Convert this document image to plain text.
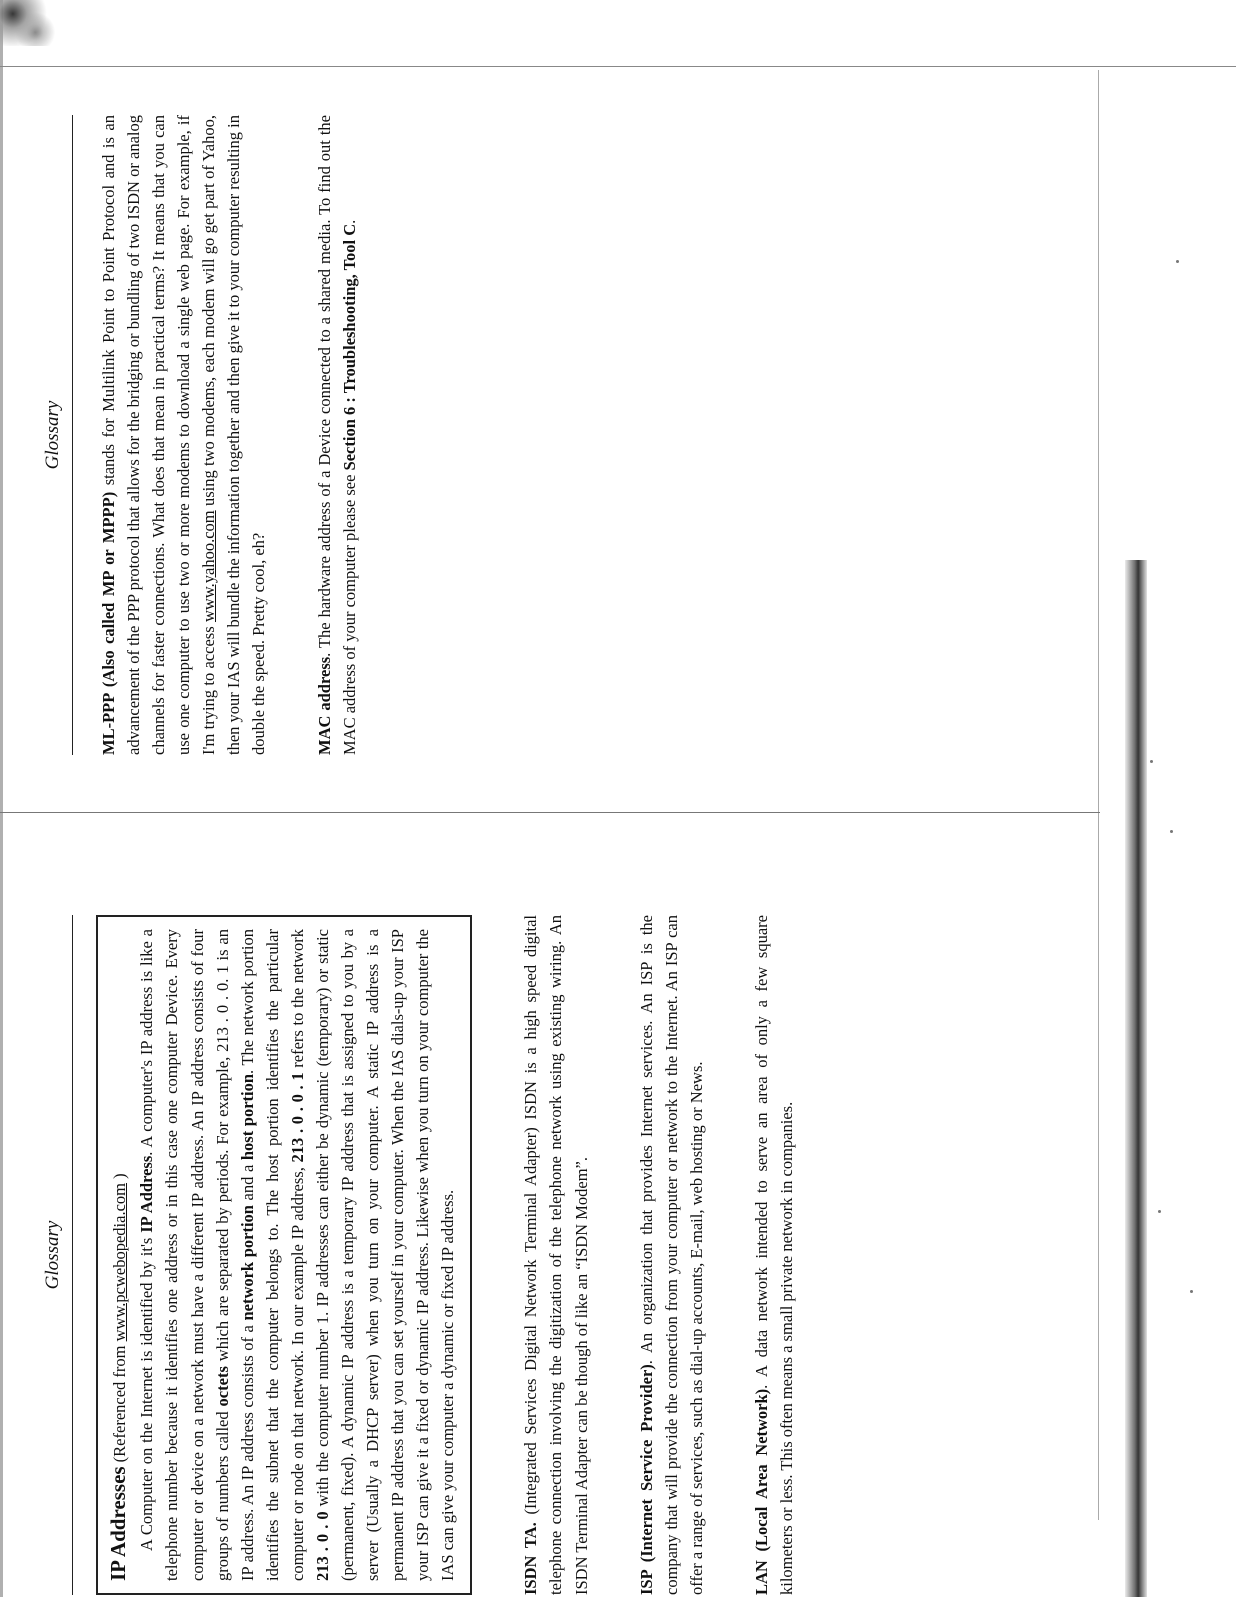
Glossary

ML-PPP (Also called MP or MPPP) stands for Multilink Point to Point Protocol and is an advancement of the PPP protocol that allows for the bridging or bundling of two ISDN or analog channels for faster connections. What does that mean in practical terms? It means that you can use one computer to use two or more modems to download a single web page. For example, if I'm trying to access www.yahoo.com using two modems, each modem will go get part of Yahoo, then your IAS will bundle the information together and then give it to your computer resulting in double the speed. Pretty cool, eh?	MAC address. The hardware address of a Device connected to a shared media. To find out the MAC address of your computer please see Section 6 : Troubleshooting, Tool C.

Glossary
IP Addresses (Referenced from www.pcwebopedia.com )

A Computer on the Internet is identified by it's IP Address. A computer's IP address is like a telephone number because it identifies one address or in this case one computer Device. Every computer or device on a network must have a different IP address. An IP address consists of four groups of numbers called octets which are separated by periods. For example, 213 . 0 . 0. 1 is an IP address. An IP address consists of a network portion and a host portion. The network portion identifies the subnet that the computer belongs to. The host portion identifies the particular computer or node on that network. In our example IP address, 213 . 0 . 0 . 1 refers to the network 213 . 0 . 0 with the computer number 1. IP addresses can either be dynamic (temporary) or static (permanent, fixed). A dynamic IP address is a temporary IP address that is assigned to you by a server (Usually a DHCP server) when you turn on your computer. A static IP address is a permanent IP address that you can set yourself in your computer. When the IAS dials-up your ISP your ISP can give it a fixed or dynamic IP address. Likewise when you turn on your computer the IAS can give your computer a dynamic or fixed IP address.	ISDN TA. (Integrated Services Digital Network Terminal Adapter) ISDN is a high speed digital telephone connection involving the digitization of the telephone network using existing wiring. An ISDN Terminal Adapter can be though of like an “ISDN Modem”.	ISP (Internet Service Provider). An organization that provides Internet services. An ISP is the company that will provide the connection from your computer or network to the Internet. An ISP can offer a range of services, such as dial-up accounts, E-mail, web hosting or News.	LAN (Local Area Network). A data network intended to serve an area of only a few square kilometers or less. This often means a small private network in companies.
